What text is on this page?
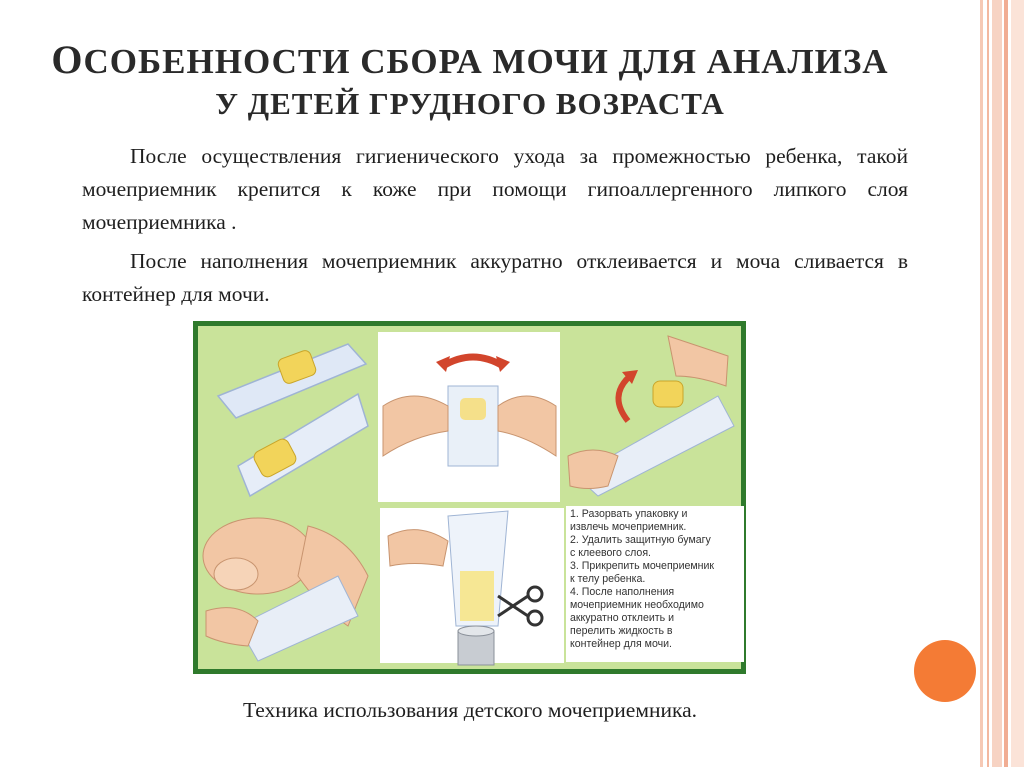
ОСОБЕННОСТИ СБОРА МОЧИ ДЛЯ АНАЛИЗА
У ДЕТЕЙ ГРУДНОГО ВОЗРАСТА

После осуществления гигиенического ухода за промежностью ребенка, такой мочеприемник крепится к коже при помощи гипоаллергенного липкого слоя мочеприемника .

После наполнения мочеприемник аккуратно отклеивается и моча сливается в контейнер для мочи.

1. Разорвать упаковку и
извлечь мочеприемник.
2. Удалить защитную бумагу
с клеевого слоя.
3. Прикрепить мочеприемник
к телу ребенка.
4. После наполнения
мочеприемник необходимо
аккуратно отклеить и
перелить жидкость в
контейнер для мочи.

Техника использования детского мочеприемника.
